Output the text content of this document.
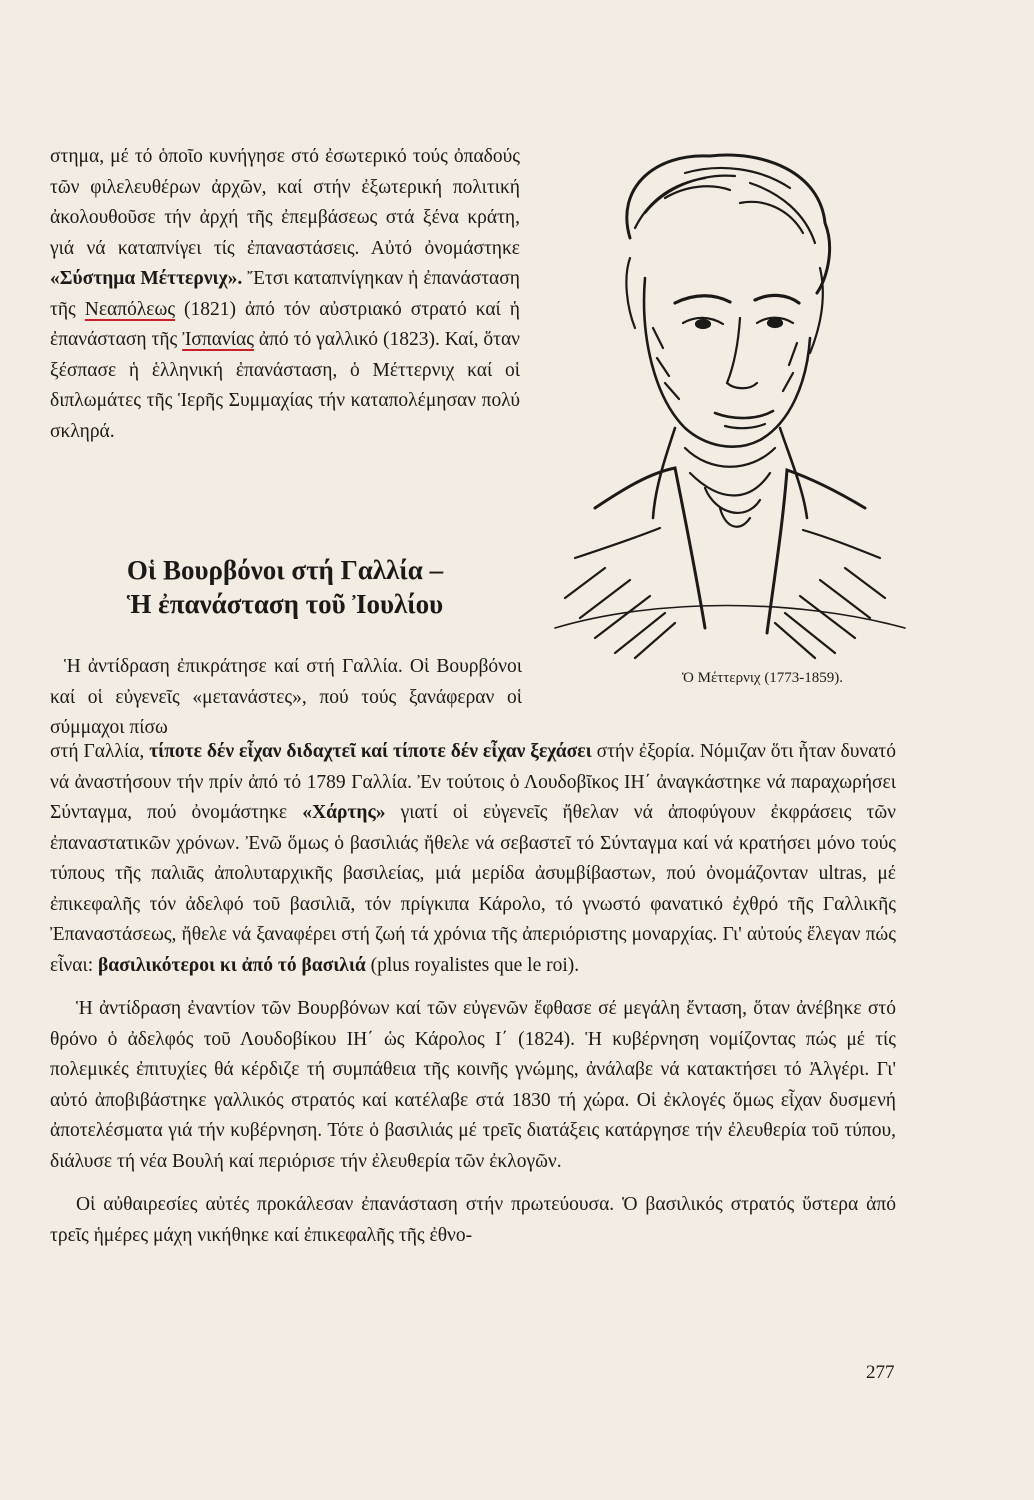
στημα, μέ τό ὁποῖο κυνήγησε στό ἐσωτερικό τούς ὀπαδούς τῶν φιλελευθέρων ἀρχῶν, καί στήν ἐξωτερική πολιτική ἀκολουθοῦσε τήν ἀρχή τῆς ἐπεμβάσεως στά ξένα κράτη, γιά νά καταπνίγει τίς ἐπαναστάσεις. Αὐτό ὀνομάστηκε «Σύστημα Μέττερνιχ». Ἔτσι καταπνίγηκαν ἡ ἐπανάσταση τῆς Νεαπόλεως (1821) ἀπό τόν αὐστριακό στρατό καί ἡ ἐπανάσταση τῆς Ἰσπανίας ἀπό τό γαλλικό (1823). Καί, ὅταν ξέσπασε ἡ ἑλληνική ἐπανάσταση, ὁ Μέττερνιχ καί οἱ διπλωμάτες τῆς Ἱερῆς Συμμαχίας τήν καταπολέμησαν πολύ σκληρά.

Οἱ Βουρβόνοι στή Γαλλία –
Ἡ ἐπανάσταση τοῦ Ἰουλίου
Ἡ ἀντίδραση ἐπικράτησε καί στή Γαλλία. Οἱ Βουρβόνοι καί οἱ εὐγενεῖς «μετανάστες», πού τούς ξανάφεραν οἱ σύμμαχοι πίσω
Ὁ Μέττερνιχ (1773-1859).

στή Γαλλία, τίποτε δέν εἶχαν διδαχτεῖ καί τίποτε δέν εἶχαν ξεχάσει στήν ἐξορία. Νόμιζαν ὅτι ἦταν δυνατό νά ἀναστήσουν τήν πρίν ἀπό τό 1789 Γαλλία. Ἐν τούτοις ὁ Λουδοβῖκος ΙΗ΄ ἀναγκάστηκε νά παραχωρήσει Σύνταγμα, πού ὀνομάστηκε «Χάρτης» γιατί οἱ εὐγενεῖς ἤθελαν νά ἀποφύγουν ἐκφράσεις τῶν ἐπαναστατικῶν χρόνων. Ἐνῶ ὅμως ὁ βασιλιάς ἤθελε νά σεβαστεῖ τό Σύνταγμα καί νά κρατήσει μόνο τούς τύπους τῆς παλιᾶς ἀπολυταρχικῆς βασιλείας, μιά μερίδα ἀσυμβίβαστων, πού ὀνομάζονταν ultras, μέ ἐπικεφαλῆς τόν ἀδελφό τοῦ βασιλιᾶ, τόν πρίγκιπα Κάρολο, τό γνωστό φανατικό ἐχθρό τῆς Γαλλικῆς Ἐπαναστάσεως, ἤθελε νά ξαναφέρει στή ζωή τά χρόνια τῆς ἀπεριόριστης μοναρχίας. Γι' αὐτούς ἔλεγαν πώς εἶναι: βασιλικότεροι κι ἀπό τό βασιλιά (plus royalistes que le roi).

Ἡ ἀντίδραση ἐναντίον τῶν Βουρβόνων καί τῶν εὐγενῶν ἔφθασε σέ μεγάλη ἔνταση, ὅταν ἀνέβηκε στό θρόνο ὁ ἀδελφός τοῦ Λουδοβίκου ΙΗ΄ ὡς Κάρολος Ι΄ (1824). Ἡ κυβέρνηση νομίζοντας πώς μέ τίς πολεμικές ἐπιτυχίες θά κέρδιζε τή συμπάθεια τῆς κοινῆς γνώμης, ἀνάλαβε νά κατακτήσει τό Ἀλγέρι. Γι' αὐτό ἀποβιβάστηκε γαλλικός στρατός καί κατέλαβε στά 1830 τή χώρα. Οἱ ἐκλογές ὅμως εἶχαν δυσμενή ἀποτελέσματα γιά τήν κυβέρνηση. Τότε ὁ βασιλιάς μέ τρεῖς διατάξεις κατάργησε τήν ἐλευθερία τοῦ τύπου, διάλυσε τή νέα Βουλή καί περιόρισε τήν ἐλευθερία τῶν ἐκλογῶν.

Οἱ αὐθαιρεσίες αὐτές προκάλεσαν ἐπανάσταση στήν πρωτεύουσα. Ὁ βασιλικός στρατός ὕστερα ἀπό τρεῖς ἡμέρες μάχη νικήθηκε καί ἐπικεφαλῆς τῆς ἐθνο-

277
